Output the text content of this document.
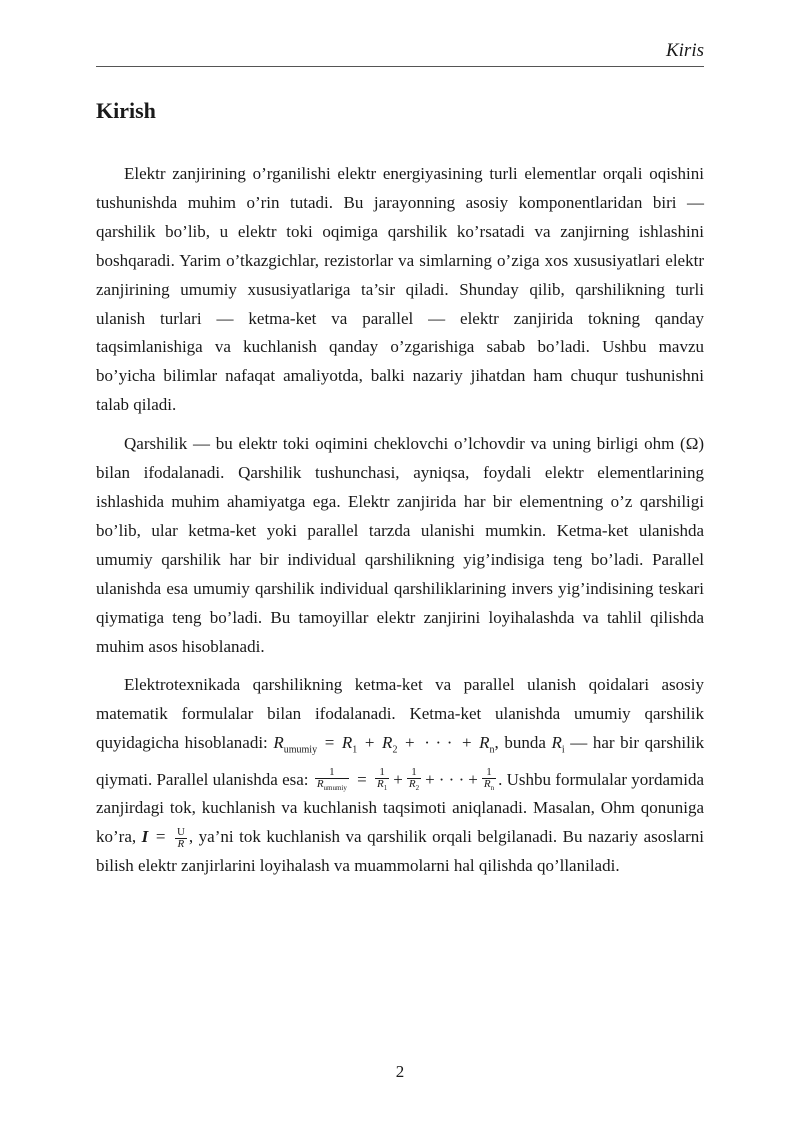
Kiris
Kirish

Elektr zanjirining o’rganilishi elektr energiyasining turli elementlar orqali oqishini tushunishda muhim o’rin tutadi. Bu jarayonning asosiy komponentlaridan biri — qarshilik bo’lib, u elektr toki oqimiga qarshilik ko’rsatadi va zanjirning ishlashini boshqaradi. Yarim o’tkazgichlar, rezistorlar va simlarning o’ziga xos xususiyatlari elektr zanjirining umumiy xususiyatlariga ta’sir qiladi. Shunday qilib, qarshilikning turli ulanish turlari — ketma-ket va parallel — elektr zanjirida tokning qanday taqsimlanishiga va kuchlanish qanday o’zgarishiga sabab bo’ladi. Ushbu mavzu bo’yicha bilimlar nafaqat amaliyotda, balki nazariy jihatdan ham chuqur tushunishni talab qiladi.

Qarshilik — bu elektr toki oqimini cheklovchi o’lchovdir va uning birligi ohm (Ω) bilan ifodalanadi. Qarshilik tushunchasi, ayniqsa, foydali elektr elementlarining ishlashida muhim ahamiyatga ega. Elektr zanjirida har bir elementning o’z qarshiligi bo’lib, ular ketma-ket yoki parallel tarzda ulanishi mumkin. Ketma-ket ulanishda umumiy qarshilik har bir individual qarshilikning yig’indisiga teng bo’ladi. Parallel ulanishda esa umumiy qarshilik individual qarshiliklarining invers yig’indisining teskari qiymatiga teng bo’ladi. Bu tamoyillar elektr zanjirini loyihalashda va tahlil qilishda muhim asos hisoblanadi.

Elektrotexnikada qarshilikning ketma-ket va parallel ulanish qoidalari asosiy matematik formulalar bilan ifodalanadi. Ketma-ket ulanishda umumiy qarshilik quyidagicha hisoblanadi: $R_{umumiy} = R_1 + R_2$ + · · · + $R_n$, bunda $R_i$ — har bir qarshilik qiymati. Parallel ulanishda esa: $\frac{1}{R_{umumiy}} = \frac{1}{R_1} + \frac{1}{R_2}$ + · · · + $\frac{1}{R_n}$ . Ushbu formulalar yordamida zanjirdagi tok, kuchlanish va kuchlanish taqsimoti aniqlanadi. Masalan, Ohm qonuniga ko’ra, $I = \frac{U}{R}$ , ya’ni tok kuchlanish va qarshilik orqali belgilanadi. Bu nazariy asoslarni bilish elektr zanjirlarini loyihalash va muammolarni hal qilishda qo’llaniladi.

2
